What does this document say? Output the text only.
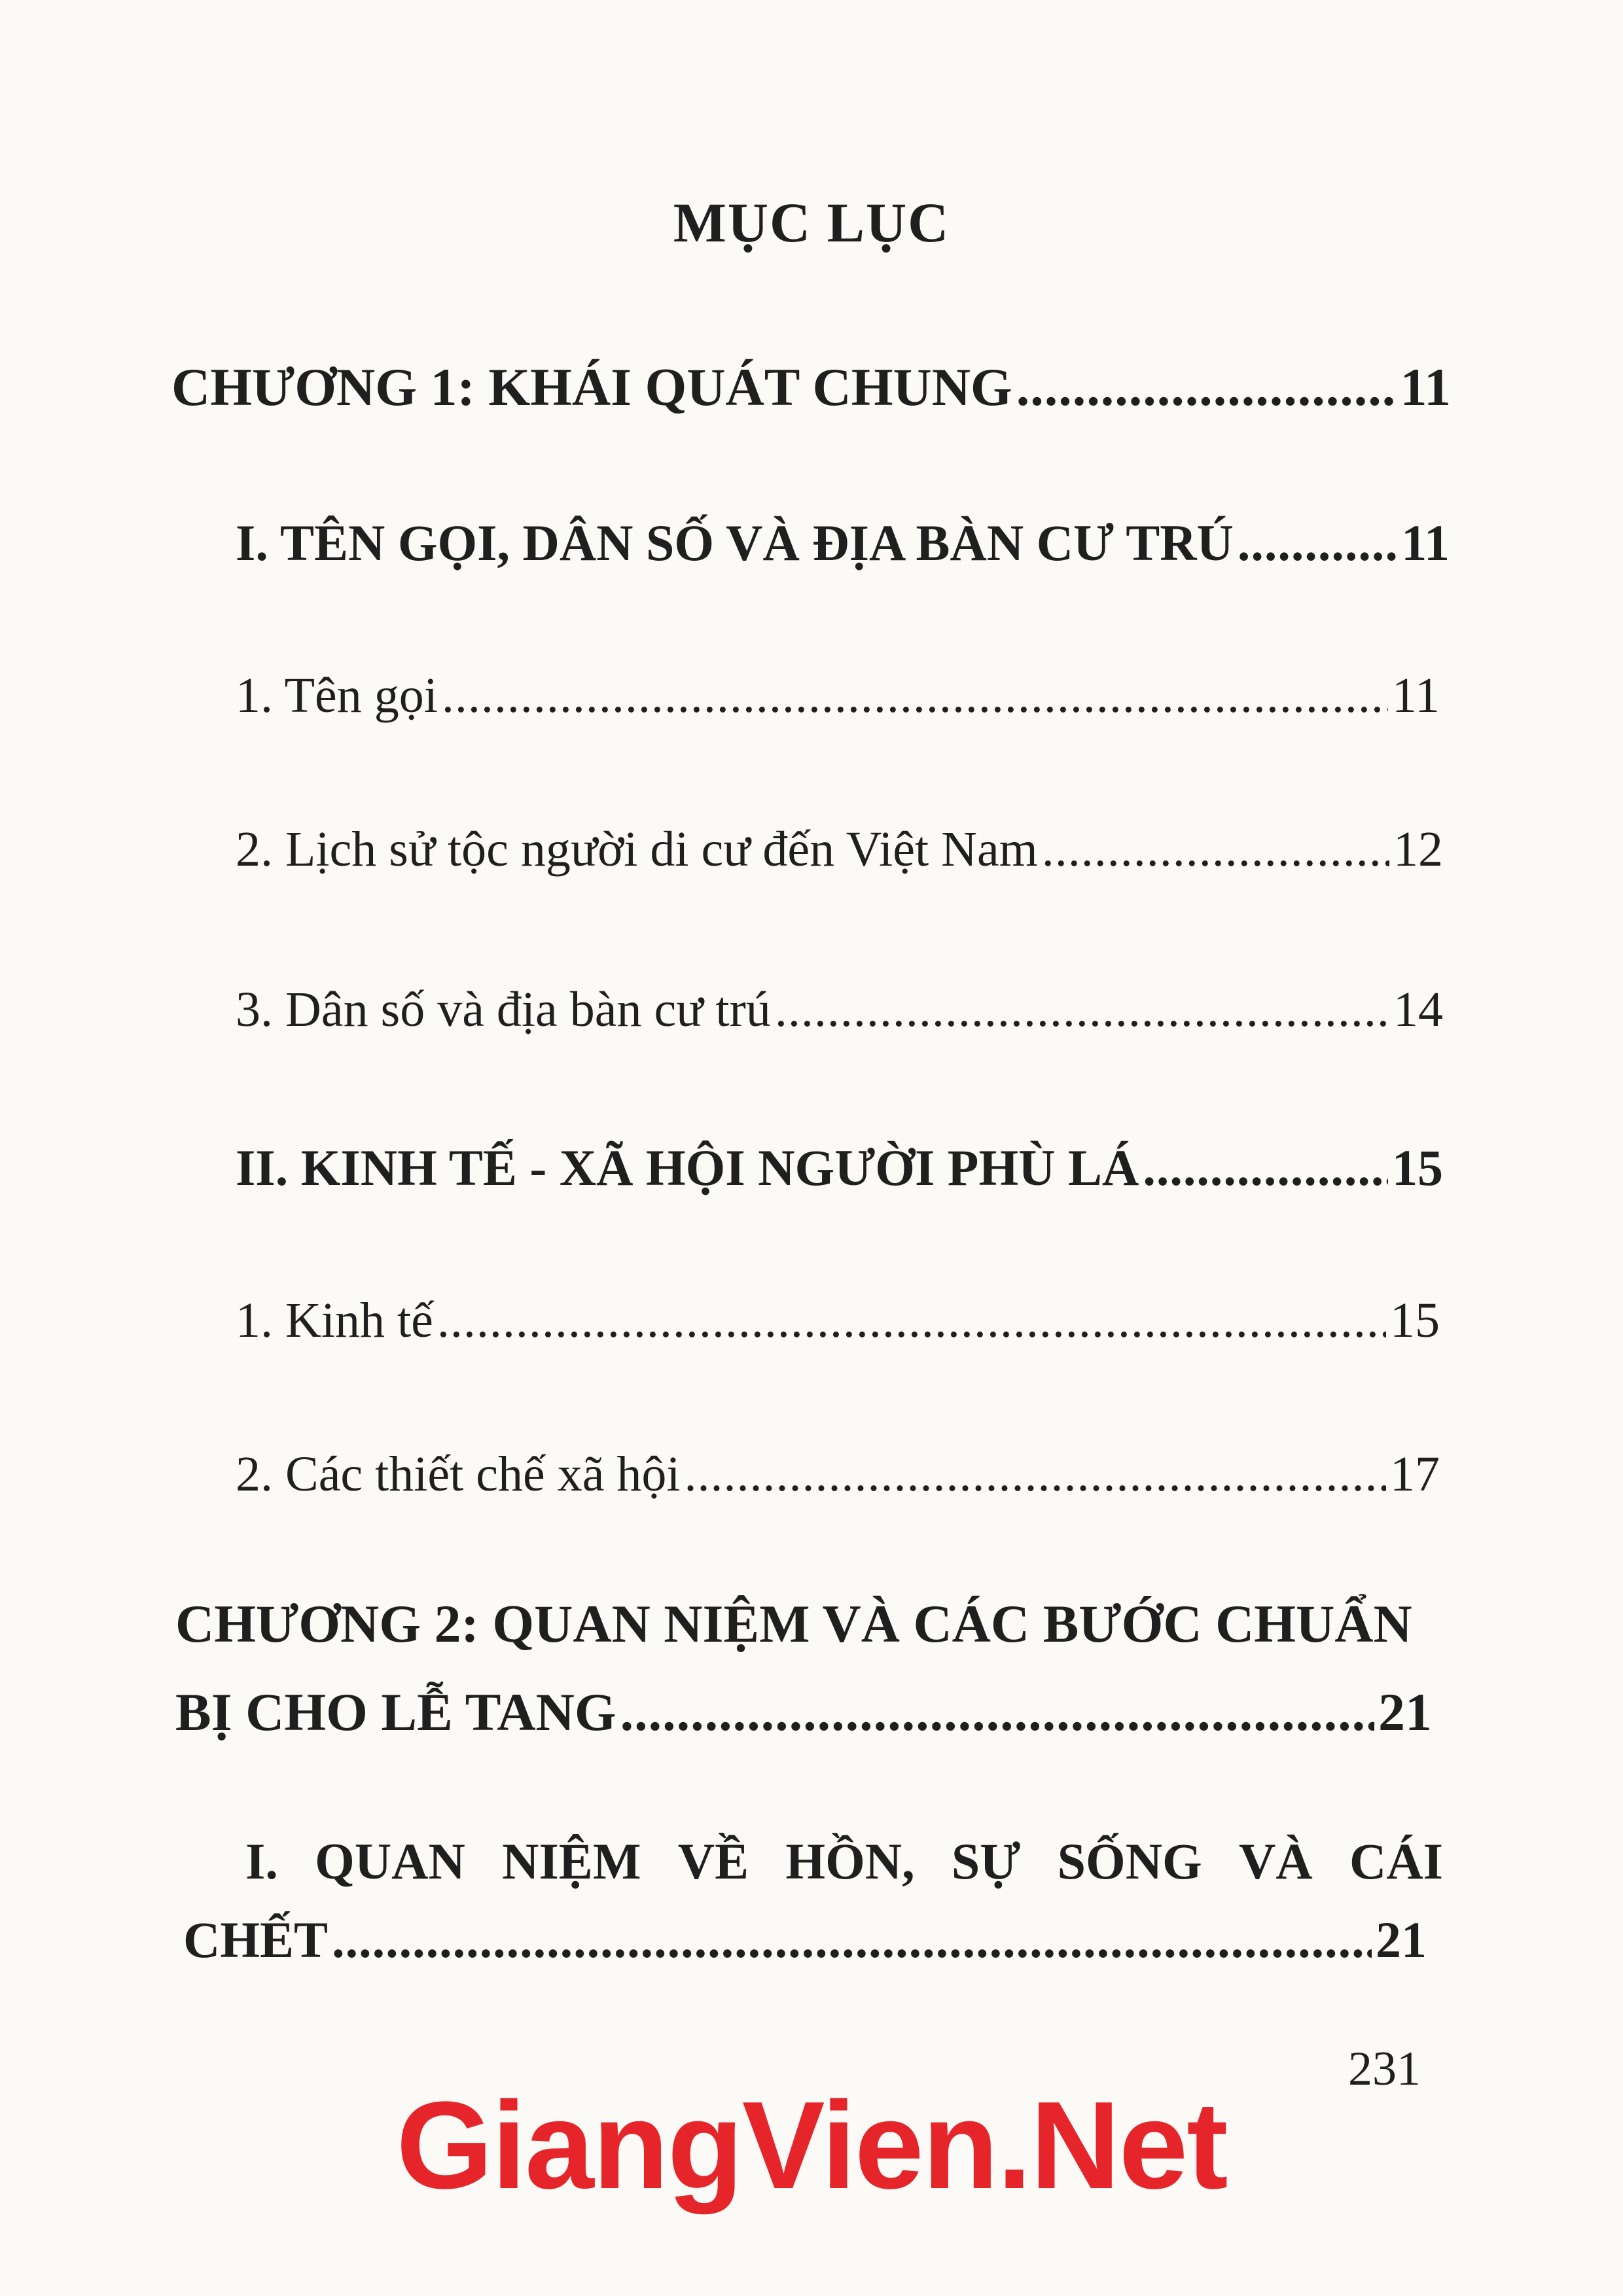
MỤC LỤC
CHƯƠNG 1: KHÁI QUÁT CHUNG .....	11
I. TÊN GỌI, DÂN SỐ VÀ ĐỊA BÀN CƯ TRÚ .....	11
1. Tên gọi .....	11
2. Lịch sử tộc người di cư đến Việt Nam .....	12
3. Dân số và địa bàn cư trú .....	14
II. KINH TẾ - XÃ HỘI NGƯỜI PHÙ LÁ .....	15
1. Kinh tế .....	15
2. Các thiết chế xã hội .....	17
CHƯƠNG 2: QUAN NIỆM VÀ CÁC BƯỚC CHUẨN
BỊ CHO LỄ TANG .....	21
I. QUAN NIỆM VỀ HỒN, SỰ SỐNG VÀ CÁI
CHẾT .....	21
231
GiangVien.Net
